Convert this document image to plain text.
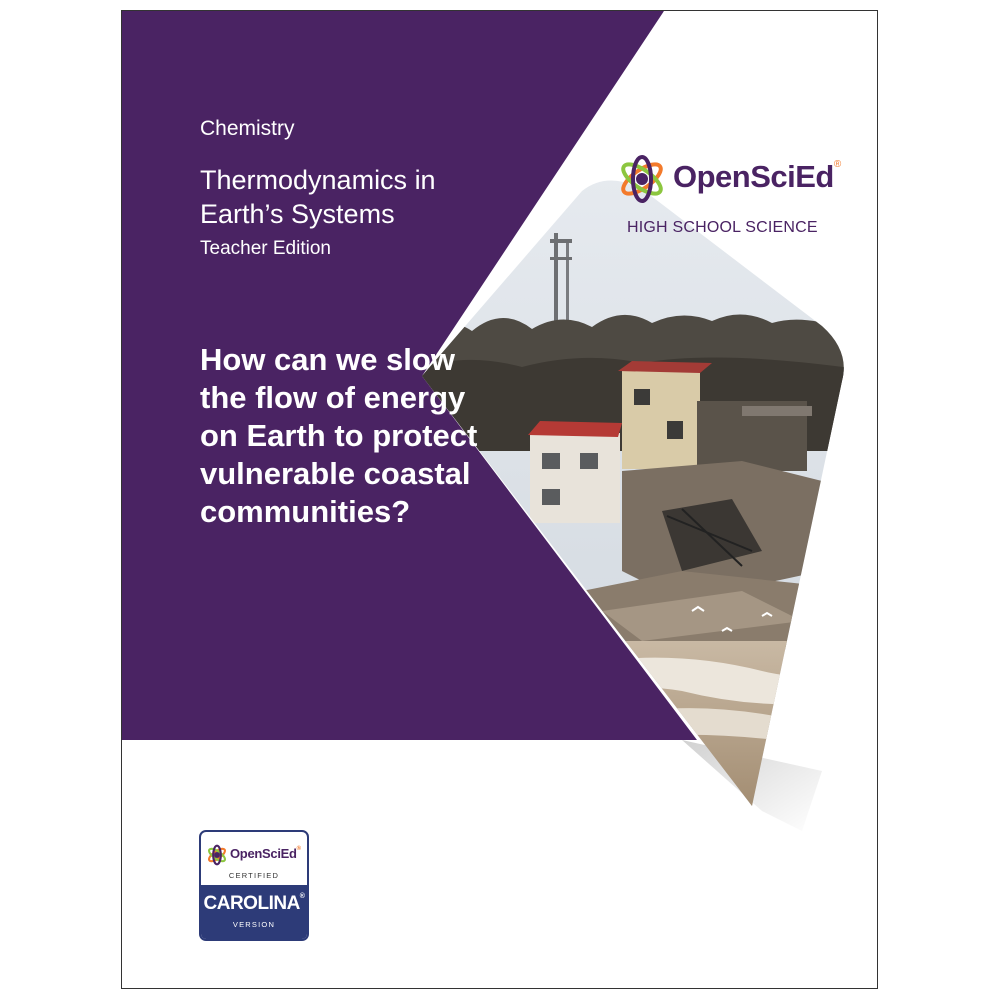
Chemistry
Thermodynamics in Earth’s Systems
Teacher Edition
How can we slow the flow of energy on Earth to protect vulnerable coastal communities?
OpenSciEd®
HIGH SCHOOL SCIENCE
OpenSciEd®
CERTIFIED
CAROLINA®
VERSION
